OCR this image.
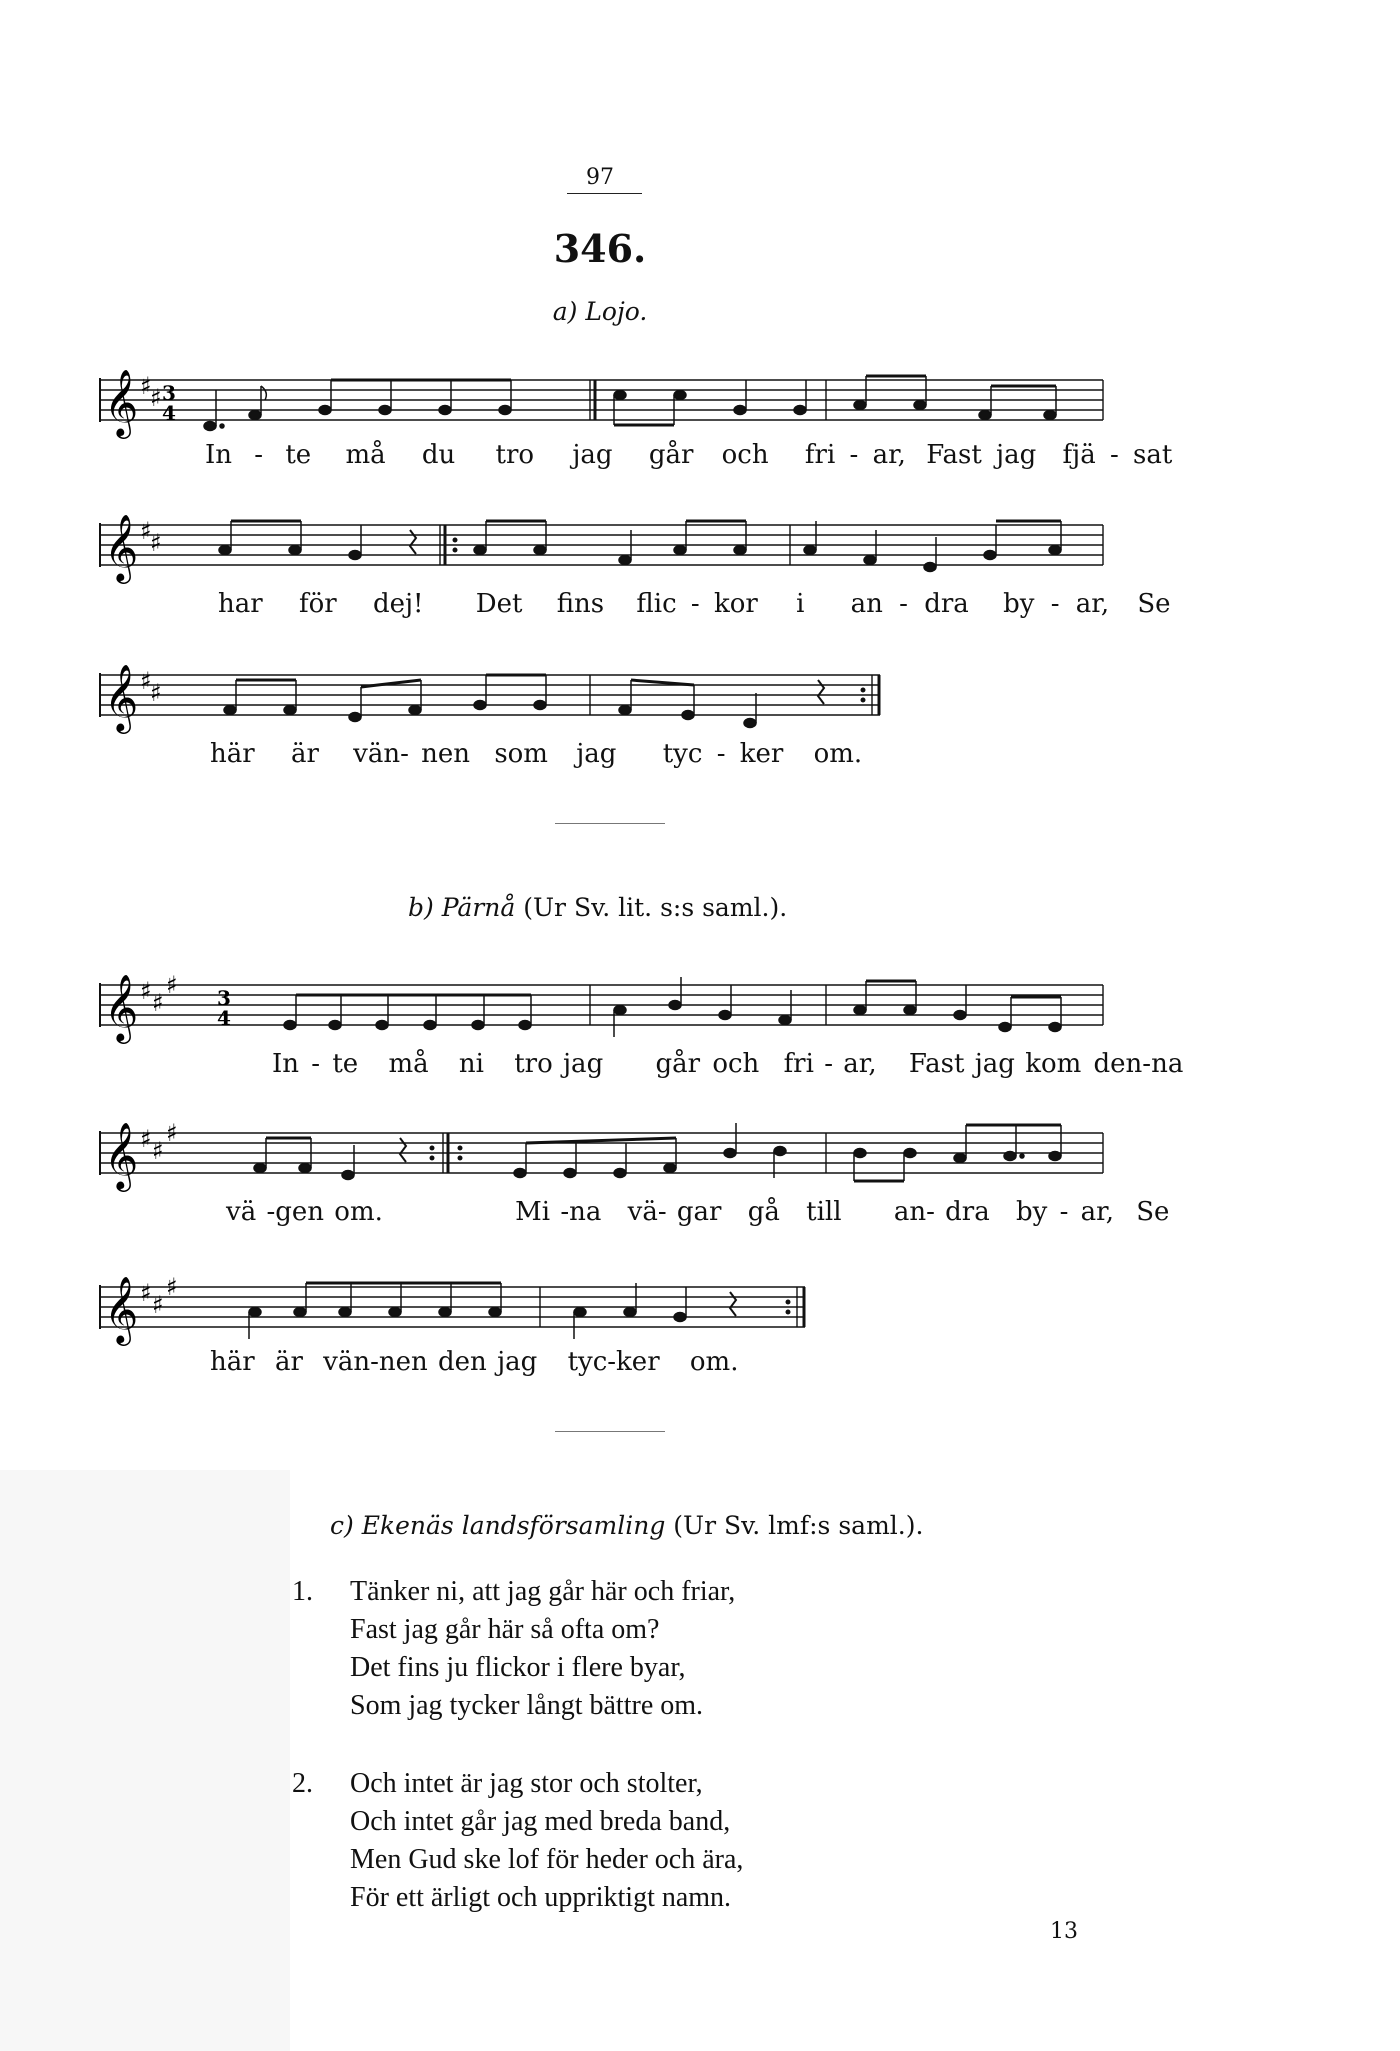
97
346.
a) Lojo.
𝄞 ♯
♯ 3
4
In - te må du tro jag går och fri - ar, Fast jag fjä - sat
𝄞 ♯
♯
har för dej! Det fins flic - kor i an - dra by - ar, Se
𝄞 ♯
♯
här är vän- nen som jag tyc - ker om.
b) Pärnå (Ur Sv. lit. s:s saml.).
𝄞 ♯ ♯
♯ 3
4
In - te må ni tro jag går och fri - ar, Fast jag kom den-na
𝄞 ♯ ♯
♯
vä -gen om.	Mi -na vä- gar gå till an- dra by - ar, Se
𝄞 ♯ ♯
♯
här är vän-nen den jag tyc-ker om.
c) Ekenäs landsförsamling (Ur Sv. lmf:s saml.).
1. Tänker ni, att jag går här och friar,
Fast jag går här så ofta om?
Det fins ju flickor i flere byar,
Som jag tycker långt bättre om.
2. Och intet är jag stor och stolter,
Och intet går jag med breda band,
Men Gud ske lof för heder och ära,
För ett ärligt och uppriktigt namn.
13
